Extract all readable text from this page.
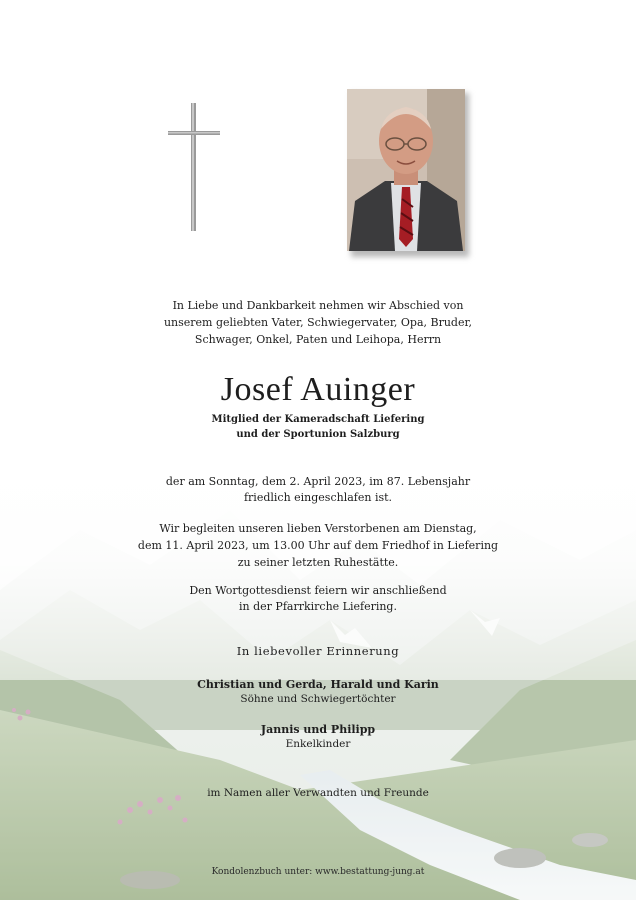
In Liebe und Dankbarkeit nehmen wir Abschied von
unserem geliebten Vater, Schwiegervater, Opa, Bruder,
Schwager, Onkel, Paten und Leihopa, Herrn
Josef Auinger
Mitglied der Kameradschaft Liefering
und der Sportunion Salzburg
der am Sonntag, dem 2. April 2023, im 87. Lebensjahr
friedlich eingeschlafen ist.
Wir begleiten unseren lieben Verstorbenen am Dienstag,
dem 11. April 2023, um 13.00 Uhr auf dem Friedhof in Liefering
zu seiner letzten Ruhestätte.
Den Wortgottesdienst feiern wir anschließend
in der Pfarrkirche Liefering.
In liebevoller Erinnerung
Christian und Gerda, Harald und Karin
Söhne und Schwiegertöchter
Jannis und Philipp
Enkelkinder
im Namen aller Verwandten und Freunde
Kondolenzbuch unter: www.bestattung-jung.at
